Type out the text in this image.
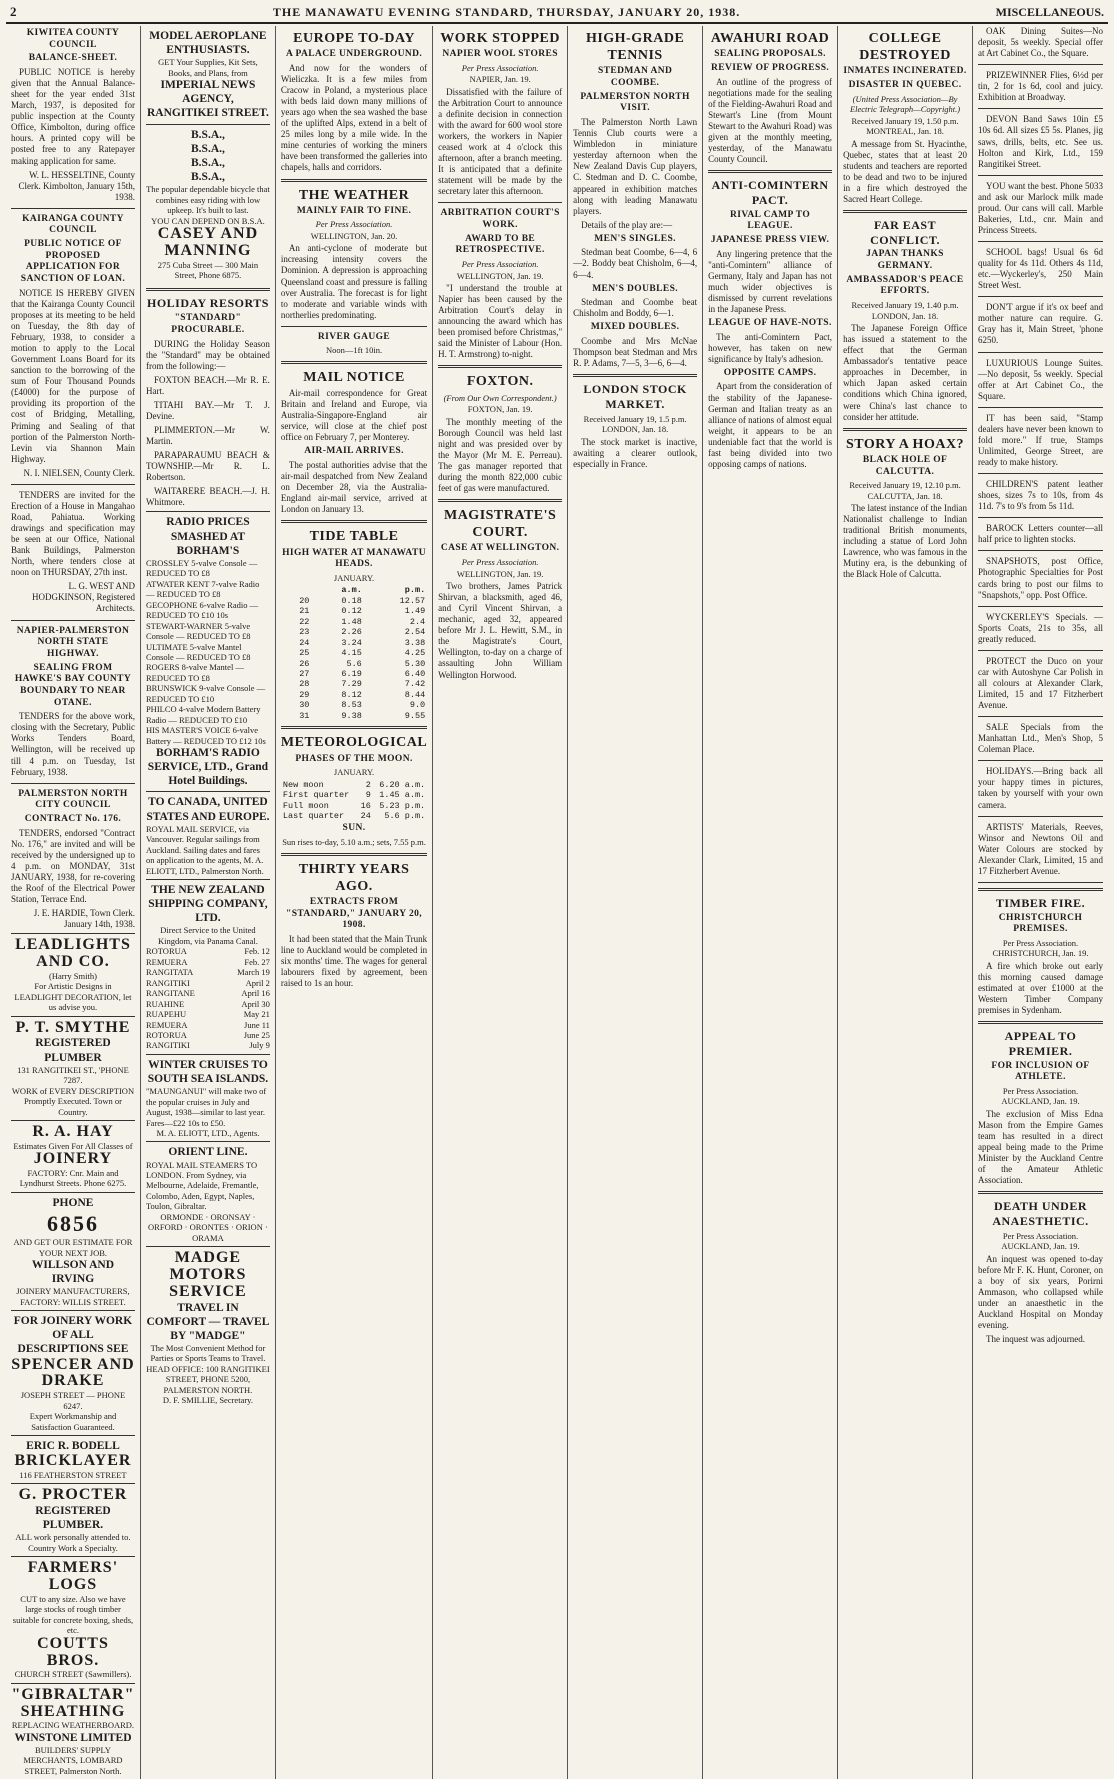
2	THE MANAWATU EVENING STANDARD, THURSDAY, JANUARY 20, 1938.	MISCELLANEOUS.
KIWITEA COUNTY COUNCIL
BALANCE-SHEET.

PUBLIC NOTICE is hereby given that the Annual Balance-sheet for the year ended 31st March, 1937, is deposited for public inspection at the County Office, Kimbolton, during office hours. A printed copy will be posted free to any Ratepayer making application for same.

W. L. HESSELTINE, County Clerk. Kimbolton, January 15th, 1938.

KAIRANGA COUNTY COUNCIL
PUBLIC NOTICE OF PROPOSED APPLICATION FOR SANCTION OF LOAN.

NOTICE IS HEREBY GIVEN that the Kairanga County Council proposes at its meeting to be held on Tuesday, the 8th day of February, 1938, to consider a motion to apply to the Local Government Loans Board for its sanction to the borrowing of the sum of Four Thousand Pounds (£4000) for the purpose of providing its proportion of the cost of Bridging, Metalling, Priming and Sealing of that portion of the Palmerston North-Levin via Shannon Main Highway.

N. I. NIELSEN, County Clerk.

TENDERS are invited for the Erection of a House in Mangahao Road, Pahiatua. Working drawings and specification may be seen at our Office, National Bank Buildings, Palmerston North, where tenders close at noon on THURSDAY, 27th inst.

L. G. WEST AND HODGKINSON, Registered Architects.

NAPIER-PALMERSTON NORTH STATE HIGHWAY.
SEALING FROM HAWKE'S BAY COUNTY BOUNDARY TO NEAR OTANE.

TENDERS for the above work, closing with the Secretary, Public Works Tenders Board, Wellington, will be received up till 4 p.m. on Tuesday, 1st February, 1938.

PALMERSTON NORTH CITY COUNCIL
CONTRACT No. 176.

TENDERS, endorsed "Contract No. 176," are invited and will be received by the undersigned up to 4 p.m. on MONDAY, 31st JANUARY, 1938, for re-covering the Roof of the Electrical Power Station, Terrace End.

J. E. HARDIE, Town Clerk. January 14th, 1938.

LEADLIGHTS AND CO.
(Harry Smith)
For Artistic Designs in LEADLIGHT DECORATION, let us advise you.
P. T. SMYTHE
REGISTERED PLUMBER
131 RANGITIKEI ST., 'PHONE 7287.
WORK of EVERY DESCRIPTION Promptly Executed. Town or Country.
R. A. HAY
Estimates Given For All Classes of
JOINERY
FACTORY: Cnr. Main and Lyndhurst Streets. Phone 6275.
PHONE
6856
AND GET OUR ESTIMATE FOR YOUR NEXT JOB.
WILLSON AND IRVING
JOINERY MANUFACTURERS, FACTORY: WILLIS STREET.
FOR JOINERY WORK OF ALL DESCRIPTIONS SEE
SPENCER AND DRAKE
JOSEPH STREET — PHONE 6247.
Expert Workmanship and Satisfaction Guaranteed.
ERIC R. BODELL
BRICKLAYER
116 FEATHERSTON STREET
G. PROCTER
REGISTERED PLUMBER.
ALL work personally attended to. Country Work a Specialty.
FARMERS' LOGS
CUT to any size. Also we have large stocks of rough timber suitable for concrete boxing, sheds, etc.
COUTTS BROS.
CHURCH STREET (Sawmillers).
"GIBRALTAR"
SHEATHING
REPLACING WEATHERBOARD.
WINSTONE LIMITED
BUILDERS' SUPPLY MERCHANTS, LOMBARD STREET, Palmerston North.
MODEL AEROPLANE ENTHUSIASTS.
GET Your Supplies, Kit Sets, Books, and Plans, from
IMPERIAL NEWS AGENCY, RANGITIKEI STREET.
B.S.A.,
B.S.A.,
B.S.A.,
B.S.A.,
The popular dependable bicycle that combines easy riding with low upkeep. It's built to last.
YOU CAN DEPEND ON B.S.A.
CASEY AND MANNING
275 Cuba Street — 300 Main Street, Phone 6875.
HOLIDAY RESORTS
"STANDARD" PROCURABLE.

DURING the Holiday Season the "Standard" may be obtained from the following:—

FOXTON BEACH.—Mr R. E. Hart.

TITAHI BAY.—Mr T. J. Devine.

PLIMMERTON.—Mr W. Martin.

PARAPARAUMU BEACH & TOWNSHIP.—Mr R. L. Robertson.

WAITARERE BEACH.—J. H. Whitmore.

RADIO PRICES SMASHED AT BORHAM'S
CROSSLEY 5-valve Console — REDUCED TO £8
ATWATER KENT 7-valve Radio — REDUCED TO £8
GECOPHONE 6-valve Radio — REDUCED TO £10 10s
STEWART-WARNER 5-valve Console — REDUCED TO £8
ULTIMATE 5-valve Mantel Console — REDUCED TO £8
ROGERS 8-valve Mantel — REDUCED TO £8
BRUNSWICK 9-valve Console — REDUCED TO £10
PHILCO 4-valve Modern Battery Radio — REDUCED TO £10
HIS MASTER'S VOICE 6-valve Battery — REDUCED TO £12 10s
BORHAM'S RADIO SERVICE, LTD., Grand Hotel Buildings.
TO CANADA, UNITED STATES AND EUROPE.
ROYAL MAIL SERVICE, via Vancouver. Regular sailings from Auckland. Sailing dates and fares on application to the agents, M. A. ELIOTT, LTD., Palmerston North.
THE NEW ZEALAND SHIPPING COMPANY, LTD.
Direct Service to the United Kingdom, via Panama Canal.
ROTORUA	Feb. 12
REMUERA	Feb. 27
RANGITATA	March 19
RANGITIKI	April 2
RANGITANE	April 16
RUAHINE	April 30
RUAPEHU	May 21
REMUERA	June 11
ROTORUA	June 25
RANGITIKI	July 9
WINTER CRUISES TO SOUTH SEA ISLANDS.
"MAUNGANUI" will make two of the popular cruises in July and August, 1938—similar to last year. Fares—£22 10s to £50.
M. A. ELIOTT, LTD., Agents.
ORIENT LINE.
ROYAL MAIL STEAMERS TO LONDON. From Sydney, via Melbourne, Adelaide, Fremantle, Colombo, Aden, Egypt, Naples, Toulon, Gibraltar.
ORMONDE · ORONSAY · ORFORD · ORONTES · ORION · ORAMA
MADGE MOTORS SERVICE
TRAVEL IN COMFORT — TRAVEL BY "MADGE"
The Most Convenient Method for Parties or Sports Teams to Travel.
HEAD OFFICE: 100 RANGITIKEI STREET, PHONE 5200, PALMERSTON NORTH.
D. F. SMILLIE, Secretary.
EUROPE TO-DAY
A PALACE UNDERGROUND.

And now for the wonders of Wieliczka. It is a few miles from Cracow in Poland, a mysterious place with beds laid down many millions of years ago when the sea washed the base of the uplifted Alps, extend in a belt of 25 miles long by a mile wide. In the mine centuries of working the miners have been transformed the galleries into chapels, halls and corridors.

THE WEATHER
MAINLY FAIR TO FINE.
Per Press Association.
WELLINGTON, Jan. 20.

An anti-cyclone of moderate but increasing intensity covers the Dominion. A depression is approaching Queensland coast and pressure is falling over Australia. The forecast is for light to moderate and variable winds with northerlies predominating.

RIVER GAUGE
Noon—1ft 10in.
MAIL NOTICE

Air-mail correspondence for Great Britain and Ireland and Europe, via Australia-Singapore-England air service, will close at the chief post office on February 7, per Monterey.

AIR-MAIL ARRIVES.

The postal authorities advise that the air-mail despatched from New Zealand on December 28, via the Australia-England air-mail service, arrived at London on January 13.

TIDE TABLE
HIGH WATER AT MANAWATU HEADS.
JANUARY.
	a.m.	p.m.
20	0.18	12.57
21	0.12	1.49
22	1.48	2.4
23	2.26	2.54
24	3.24	3.38
25	4.15	4.25
26	5.6	5.30
27	6.19	6.40
28	7.29	7.42
29	8.12	8.44
30	8.53	9.0
31	9.38	9.55
METEOROLOGICAL
PHASES OF THE MOON.
JANUARY.
New moon	2	6.20 a.m.
First quarter	9	1.45 a.m.
Full moon	16	5.23 p.m.
Last quarter	24	5.6 p.m.
SUN.
Sun rises to-day, 5.10 a.m.; sets, 7.55 p.m.
THIRTY YEARS AGO.
EXTRACTS FROM "STANDARD," JANUARY 20, 1908.

It had been stated that the Main Trunk line to Auckland would be completed in six months' time. The wages for general labourers fixed by agreement, been raised to 1s an hour.

WORK STOPPED
NAPIER WOOL STORES
Per Press Association.
NAPIER, Jan. 19.

Dissatisfied with the failure of the Arbitration Court to announce a definite decision in connection with the award for 600 wool store workers, the workers in Napier ceased work at 4 o'clock this afternoon, after a branch meeting. It is anticipated that a definite statement will be made by the secretary later this afternoon.

ARBITRATION COURT'S WORK.
AWARD TO BE RETROSPECTIVE.
Per Press Association.
WELLINGTON, Jan. 19.

"I understand the trouble at Napier has been caused by the Arbitration Court's delay in announcing the award which has been promised before Christmas," said the Minister of Labour (Hon. H. T. Armstrong) to-night.

FOXTON.
(From Our Own Correspondent.)
FOXTON, Jan. 19.

The monthly meeting of the Borough Council was held last night and was presided over by the Mayor (Mr M. E. Perreau). The gas manager reported that during the month 822,000 cubic feet of gas were manufactured.

MAGISTRATE'S COURT.
CASE AT WELLINGTON.
Per Press Association.
WELLINGTON, Jan. 19.

Two brothers, James Patrick Shirvan, a blacksmith, aged 46, and Cyril Vincent Shirvan, a mechanic, aged 32, appeared before Mr J. L. Hewitt, S.M., in the Magistrate's Court, Wellington, to-day on a charge of assaulting John William Wellington Horwood.

HIGH-GRADE TENNIS
STEDMAN AND COOMBE.
PALMERSTON NORTH VISIT.

The Palmerston North Lawn Tennis Club courts were a Wimbledon in miniature yesterday afternoon when the New Zealand Davis Cup players, C. Stedman and D. C. Coombe, appeared in exhibition matches along with leading Manawatu players.

Details of the play are:—

MEN'S SINGLES.

Stedman beat Coombe, 6—4, 6—2. Boddy beat Chisholm, 6—4, 6—4.

MEN'S DOUBLES.

Stedman and Coombe beat Chisholm and Boddy, 6—1.

MIXED DOUBLES.

Coombe and Mrs McNae Thompson beat Stedman and Mrs R. P. Adams, 7—5, 3—6, 6—4.

LONDON STOCK MARKET.
Received January 19, 1.5 p.m. LONDON, Jan. 18.

The stock market is inactive, awaiting a clearer outlook, especially in France.

AWAHURI ROAD
SEALING PROPOSALS.
REVIEW OF PROGRESS.

An outline of the progress of negotiations made for the sealing of the Fielding-Awahuri Road and Stewart's Line (from Mount Stewart to the Awahuri Road) was given at the monthly meeting, yesterday, of the Manawatu County Council.

ANTI-COMINTERN PACT.
RIVAL CAMP TO LEAGUE.
JAPANESE PRESS VIEW.

Any lingering pretence that the "anti-Comintern" alliance of Germany, Italy and Japan has not much wider objectives is dismissed by current revelations in the Japanese Press.

LEAGUE OF HAVE-NOTS.

The anti-Comintern Pact, however, has taken on new significance by Italy's adhesion.

OPPOSITE CAMPS.

Apart from the consideration of the stability of the Japanese-German and Italian treaty as an alliance of nations of almost equal weight, it appears to be an undeniable fact that the world is fast being divided into two opposing camps of nations.

COLLEGE DESTROYED
INMATES INCINERATED.
DISASTER IN QUEBEC.
(United Press Association—By Electric Telegraph—Copyright.)
Received January 19, 1.50 p.m. MONTREAL, Jan. 18.

A message from St. Hyacinthe, Quebec, states that at least 20 students and teachers are reported to be dead and two to be injured in a fire which destroyed the Sacred Heart College.

FAR EAST CONFLICT.
JAPAN THANKS GERMANY.
AMBASSADOR'S PEACE EFFORTS.
Received January 19, 1.40 p.m. LONDON, Jan. 18.

The Japanese Foreign Office has issued a statement to the effect that the German Ambassador's tentative peace approaches in December, in which Japan asked certain conditions which China ignored, were China's last chance to consider her attitude.

STORY A HOAX?
BLACK HOLE OF CALCUTTA.
Received January 19, 12.10 p.m. CALCUTTA, Jan. 18.

The latest instance of the Indian Nationalist challenge to Indian traditional British monuments, including a statue of Lord John Lawrence, who was famous in the Mutiny era, is the debunking of the Black Hole of Calcutta.

OAK Dining Suites—No deposit, 5s weekly. Special offer at Art Cabinet Co., the Square.

PRIZEWINNER Flies, 6½d per tin, 2 for 1s 6d, cool and juicy. Exhibition at Broadway.

DEVON Band Saws 10in £5 10s 6d. All sizes £5 5s. Planes, jig saws, drills, belts, etc. See us. Holton and Kirk, Ltd., 159 Rangitikei Street.

YOU want the best. Phone 5033 and ask our Marlock milk made proud. Our cans will call. Marble Bakeries, Ltd., cnr. Main and Princess Streets.

SCHOOL bags! Usual 6s 6d quality for 4s 11d. Others 4s 11d, etc.—Wyckerley's, 250 Main Street West.

DON'T argue if it's ox beef and mother nature can require. G. Gray has it, Main Street, 'phone 6250.

LUXURIOUS Lounge Suites.—No deposit, 5s weekly. Special offer at Art Cabinet Co., the Square.

IT has been said, "Stamp dealers have never been known to fold more." If true, Stamps Unlimited, George Street, are ready to make history.

CHILDREN'S patent leather shoes, sizes 7s to 10s, from 4s 11d. 7's to 9's from 5s 11d.

BAROCK Letters counter—all half price to lighten stocks.

SNAPSHOTS, post Office, Photographic Specialties for Post cards bring to post our films to "Snapshots," opp. Post Office.

WYCKERLEY'S Specials. — Sports Coats, 21s to 35s, all greatly reduced.

PROTECT the Duco on your car with Autoshyne Car Polish in all colours at Alexander Clark, Limited, 15 and 17 Fitzherbert Avenue.

SALE Specials from the Manhattan Ltd., Men's Shop, 5 Coleman Place.

HOLIDAYS.—Bring back all your happy times in pictures, taken by yourself with your own camera.

ARTISTS' Materials, Reeves, Winsor and Newtons Oil and Water Colours are stocked by Alexander Clark, Limited, 15 and 17 Fitzherbert Avenue.

TIMBER FIRE.
CHRISTCHURCH PREMISES.
Per Press Association. CHRISTCHURCH, Jan. 19.

A fire which broke out early this morning caused damage estimated at over £1000 at the Western Timber Company premises in Sydenham.

APPEAL TO PREMIER.
FOR INCLUSION OF ATHLETE.
Per Press Association. AUCKLAND, Jan. 19.

The exclusion of Miss Edna Mason from the Empire Games team has resulted in a direct appeal being made to the Prime Minister by the Auckland Centre of the Amateur Athletic Association.

DEATH UNDER ANAESTHETIC.
Per Press Association. AUCKLAND, Jan. 19.

An inquest was opened to-day before Mr F. K. Hunt, Coroner, on a boy of six years, Porirni Ammason, who collapsed while under an anaesthetic in the Auckland Hospital on Monday evening.

The inquest was adjourned.
